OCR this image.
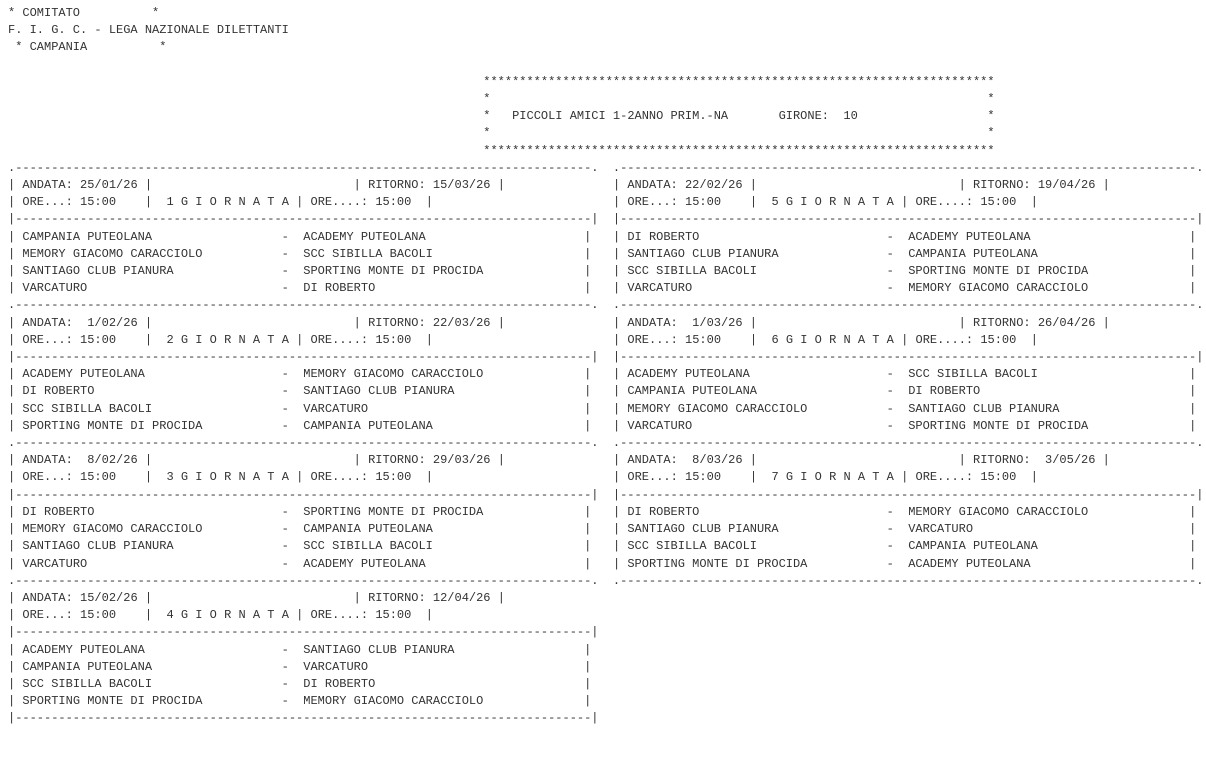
* COMITATO          *
F. I. G. C. - LEGA NAZIONALE DILETTANTI
* CAMPANIA          *

***********************************************************************
*                                                                     *
*   PICCOLI AMICI 1-2ANNO PRIM.-NA	GIRONE: 10	*
*                                                                     *
***********************************************************************

.--------------------------------------------------------------------------------. .--------------------------------------------------------------------------------.
| ANDATA: 25/01/26 |                            | RITORNO: 15/03/26 |	| ANDATA: 22/02/26 |                            | RITORNO: 19/04/26 |
| ORE...: 15:00    |  1 G I O R N A T A | ORE....: 15:00  |	| ORE...: 15:00    |  5 G I O R N A T A | ORE....: 15:00  |
|--------------------------------------------------------------------------------| |--------------------------------------------------------------------------------|
| CAMPANIA PUTEOLANA                  -  ACADEMY PUTEOLANA                      | | DI ROBERTO                          -  ACADEMY PUTEOLANA                      |
| MEMORY GIACOMO CARACCIOLO           -  SCC SIBILLA BACOLI                     | | SANTIAGO CLUB PIANURA               -  CAMPANIA PUTEOLANA                     |
| SANTIAGO CLUB PIANURA               -  SPORTING MONTE DI PROCIDA              | | SCC SIBILLA BACOLI                  -  SPORTING MONTE DI PROCIDA              |
| VARCATURO                           -  DI ROBERTO                             | | VARCATURO                           -  MEMORY GIACOMO CARACCIOLO              |
.--------------------------------------------------------------------------------. .--------------------------------------------------------------------------------.
| ANDATA:  1/02/26 |                            | RITORNO: 22/03/26 |	| ANDATA:  1/03/26 |                            | RITORNO: 26/04/26 |
| ORE...: 15:00    |  2 G I O R N A T A | ORE....: 15:00  |	| ORE...: 15:00    |  6 G I O R N A T A | ORE....: 15:00  |
|--------------------------------------------------------------------------------| |--------------------------------------------------------------------------------|
| ACADEMY PUTEOLANA                   -  MEMORY GIACOMO CARACCIOLO              | | ACADEMY PUTEOLANA                   -  SCC SIBILLA BACOLI                     |
| DI ROBERTO                          -  SANTIAGO CLUB PIANURA                  | | CAMPANIA PUTEOLANA                  -  DI ROBERTO                             |
| SCC SIBILLA BACOLI                  -  VARCATURO                              | | MEMORY GIACOMO CARACCIOLO           -  SANTIAGO CLUB PIANURA                  |
| SPORTING MONTE DI PROCIDA           -  CAMPANIA PUTEOLANA                     | | VARCATURO                           -  SPORTING MONTE DI PROCIDA              |
.--------------------------------------------------------------------------------. .--------------------------------------------------------------------------------.
| ANDATA:  8/02/26 |                            | RITORNO: 29/03/26 |	| ANDATA:  8/03/26 |                            | RITORNO:  3/05/26 |
| ORE...: 15:00    |  3 G I O R N A T A | ORE....: 15:00  |	| ORE...: 15:00    |  7 G I O R N A T A | ORE....: 15:00  |
|--------------------------------------------------------------------------------| |--------------------------------------------------------------------------------|
| DI ROBERTO                          -  SPORTING MONTE DI PROCIDA              | | DI ROBERTO                          -  MEMORY GIACOMO CARACCIOLO              |
| MEMORY GIACOMO CARACCIOLO           -  CAMPANIA PUTEOLANA                     | | SANTIAGO CLUB PIANURA               -  VARCATURO                              |
| SANTIAGO CLUB PIANURA               -  SCC SIBILLA BACOLI                     | | SCC SIBILLA BACOLI                  -  CAMPANIA PUTEOLANA                     |
| VARCATURO                           -  ACADEMY PUTEOLANA                      | | SPORTING MONTE DI PROCIDA           -  ACADEMY PUTEOLANA                      |
.--------------------------------------------------------------------------------. .--------------------------------------------------------------------------------.
| ANDATA: 15/02/26 |                            | RITORNO: 12/04/26 |
| ORE...: 15:00    |  4 G I O R N A T A | ORE....: 15:00  |
|--------------------------------------------------------------------------------|
| ACADEMY PUTEOLANA                   -  SANTIAGO CLUB PIANURA                  |
| CAMPANIA PUTEOLANA                  -  VARCATURO                              |
| SCC SIBILLA BACOLI                  -  DI ROBERTO                             |
| SPORTING MONTE DI PROCIDA           -  MEMORY GIACOMO CARACCIOLO              |
|--------------------------------------------------------------------------------|
